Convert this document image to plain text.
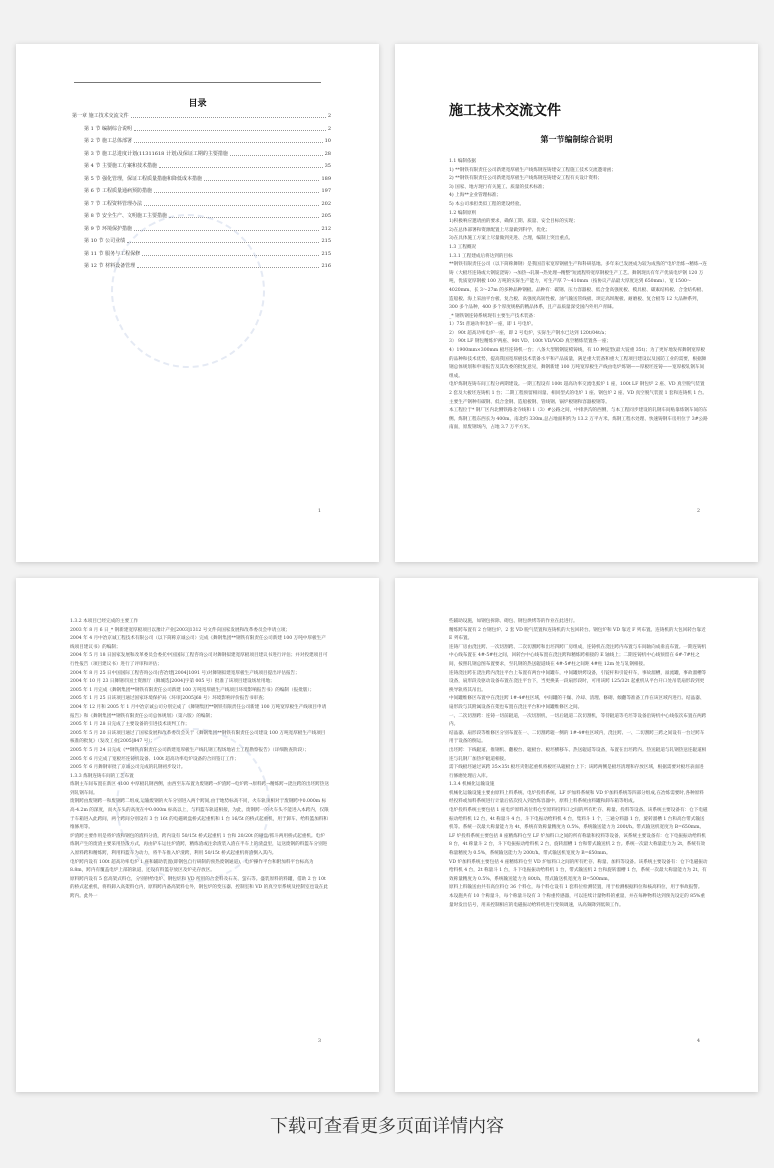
目录
第一章 施工技术交流文件	2
第 1 节 编制综合说明	2
第 2 节 施工总体部署	10
第 3 节 施工总进度计划(11311618 计划)及保证工期的主要措施	28
第 4 节 主要施工方案和技术措施	35
第 5 节 强化管理，保证工程质量措施和降低成本措施	189
第 6 节 工程质量通病预防措施	197
第 7 节 工程资料管理办法	202
第 8 节 安全生产、文明施工主要措施	205
第 9 节 环境保护措施	212
第 10 节 公司业绩	215
第 11 节 服务与工程保修	215
第 12 节 材料设备管理	216
1
施工技术交流文件
第一节编制综合说明

1.1 编制依据

1) **钢铁有限责任公司新建宽厚板生产线炼钢连铸建安工程施工技术交流邀请函；

2) **钢铁有限责任公司新建宽厚板生产线炼钢连铸建安工程有关设计资料；

3) 国家、地方现行有关施工、质量的技术标准；

4) 上海**企业管理标准；

5) 本公司承担类似工程的建设经验。

1.2 编制原则

1)积极响应邀请函的要求，确保工期、质量、安全目标的实现；

2)在总体部署和资源配置上尽量做到科学、优化；

3)在具体施工方案上尽量做到先进、合理，编制上突出重点。

1.3 工程概况

1.3.1 工程建成后将达到的目标

**钢铁有限责任公司（以下简称舞钢）是我国首家宽厚钢板生产和科研基地。多年来已发展成为较为成熟的"电炉治炼→精炼→连铸（大板坯连铸或大钢锭浇铸）→加热→轧制→热处理→精整"短流程特宽厚钢板生产工艺。舞钢现具有年产优质电炉钢 120 万吨，优质宽厚钢板 100 万吨的实际生产能力，可生产厚 7～410mm（按协议产品最大厚度达到 650mm）、宽 1500～4020mm、长 3～27m 的多种品种钢板。品种有：碳钢、压力容器板、低合金高强度板、模具板、碳素结构板、合金结构板、造船板、海上采油平台板、复合板、高强度高韧性板、油气输送管线板、坝定高坝舰板、耐磨板、复合板等 12 大品种系列，300 多个品种，400 多个厚度规格的精品体系，且产品质量深受国内外用户青睐。

_* 钢铁钢连铸系统现有主要生产技术装备：

1）75t 普通功率电炉一座，即 1 号电炉。

2） 90t 超高功率电炉一座，即 2 号电炉，实际生产钢水已达到 120t/04t/a；

3） 90t LF 钢包精炼炉两座、90t VD、100t VD/VOD 真空精炼装置各一座；

4）1900mm×300mm 板坯连铸机一台；八条大型锻钢锭模铸线，有 10 种锭型(最大锭重 35t)；为了更好地发挥舞钢宽厚板的品种和技术优势，提高我国宽厚板技术装备水平和产品质量，满足重大装备和重大工程项目建设以及国防工业的需要，根据舞钢总体规划和申请报告及其改委的批复意见，舞钢新建 100 万吨宽厚板生产线由电炉炼钢——厚板坯连铸——宽厚板轧钢车间组成。

电炉炼钢连铸车间工程分两期建设。一期工程设有 100t 超高功率交流电弧炉 1 座，100t LF 钢包炉 2 座、VD 真空脱气装置 2 套及大板坯连铸机 1 台；二期工程预留相同量、相同型式的电炉 1 座、钢包炉 2 座、VD 真空脱气装置 1 套和连铸机 1 台。

主要生产钢种有碳钢、低合金钢、造船板钢、管线钢、锅炉板钢和容器板钢等。

本工程位于* 钢厂区内北侧铁路北寺线和 1（3）#公路之间，中排洪沟的西侧，与本工程同步建设的轧钢车间贴靠炼钢车间的东侧。炼钢工程东西长为 400m，南北约 330m,总占地面积约为 13.2 万平方米。炼钢工程水处理、快速铸钢车房用位于 3#公路南面，原废钢场内，占地 3.7 万平方米。

2

1.3.2 本项目已经完成的主要工作

2003 年 8 月 6 日_* 钢新建宽厚板项目以豫计产业[2003]1312 号文件向国家发展和改革委员会申请立项；

2004 年 4 月中冶京诚工程技术有限公司（以下简称京诚公司）完成《舞钢集团**钢铁有限责任公司新建 100 万吨中厚板生产线项目建议书》的编制；

2004 年 5 月 18 日国家发展和改革委员会委托中国国际工程咨询公司对舞钢拟建宽厚板项目建议书进行评估；并对投建项目可行性报告（项目建议书）进行了评审和评估；

2004 年 8 月 25 日中国国际工程咨询公司(咨冶建[2004]1091 号)对舞钢拟建宽厚板生产线项目提出评估报告；

2004 年 10 月 23 日舞钢市国土资源厅（舞城选[2004]字第 005 号）批准了该项目建设场址用地；

2005 年 1 月完成《舞钢集团**钢铁有限责任公司新建 100 万吨宽厚板生产线项目环境影响报告书》的编制（报批版）；

2005 年 1 月 25 日该项目通过国家环境保护局（环审[2005]68 号）环境影响评价报告书审查；

2004 年 12 月和 2005 年 1 月中冶京诚公司分别完成了《舞钢集团**钢铁有限责任公司新建 100 万吨宽厚板生产线项目申请报告》和《舞钢集团**钢铁有限责任公司总体规划》（第六版）的编制；

2005 年 1 月 28 日完成了主要设备的引进技术谈判工作；

2005 年 5 月 20 日该项目通过了国家发展和改革委员会关于《舞钢集团**钢铁有限责任公司建设 100 万吨宽厚板生产线项目核准的批复》（发改工业[2005]847 号）；

2005 年 5 月 24 日完成《**钢铁有限责任公司新建宽厚板生产线轧钢工程场地岩土工程勘察报告》（详细勘查阶段）；

2005 年 6 月完成了宽板坯连铸机设备、100t 超高功率电炉设备的合同签订工作；

2005 年 6 月舞钢审批了京诚公司完成的轧钢初步设计。

1.3.3 炼钢连铸车间的工艺布置

炼钢主车间布置在新区 4100 中厚板轧钢西侧，由西至东布置为废钢跨→炉渣跨→电炉跨→原料跨→精炼跨→浇注跨的出坯跨热送到轧钢车间。

废钢跨由废钢跨一和废钢跨二组成,运输废钢的火车分别进入两个跨间,由于地势标高不同，火车轨顶相对于废钢跨中0.000m 标高-4.2m 的深度，而火车头的高度在中0.000m 标高以上，与料篮车轨道相接，为此，废钢跨一的火车头不能进入本跨内，仅限于车箱进入此跨间，两个跨间分别设有 3 台 16t 的电磁吸盘桥式起重机和 1 台 16/5t 的桥式起重机，用于卸车、给料篮加料和维修用等。

炉渣跨主要作用是将炉渣和钢包的渣料分渣，跨内设有 50/15t 桥式起重机 1 台和 20/20t 的碰盘/抓斗两用桥式起重机。电炉炼钢产生的废渣主要采用热泼方式，再由铲车运往炉渣跨，精炼渣或注余渣装入渣在半车上的渣盘里，运送废钢的料篮车分别进入原料跨和精炼跨，利用料篮车为动力，将半车推入炉渣跨，利用 50/15t 桥式起重机将渣倒入其内。

电炉跨内设有 100t 超高功率电炉 1 座和辅助装置(即钢包自行研制的预热废钢通道)，电炉操作平台和附加料平台标高为 8.8m，跨内有覆盖电炉上部的轨道，还设有料篮存放区及炉壳存放区。

原料跨内设有 5 套高架式料仓，分别供给电炉、钢包炉和 VD 所用的合金料及石灰、萤石等。盛装原料的料罐，借助 2 台 10t 的桥式起重机，将料卸入高架料仓内，原料跨内备高架料仓外，钢包炉的变压器、控制室和 VD 的真空泵系统及控制室也设在此跨内。此外一

3

些辅助设施，如钢包拆除、砌包、钢包烘烤等的作业在此进行。

精炼跨布置有 2 台钢包炉、2 套 VD 脱气装置和连铸机的大包回转台。钢包炉和 VD 靠近 F 列布置。连铸机的大包回转台靠近 E 列布置。

连铸厂房由浇注跨、一次切割跨、二次切割跨和出坯四跨厂房组成，连铸机在浇注跨内布置与车间轴向成垂直布置。一期连铸机中心线布置在 4#-5#柱之间，回转台中心线布置在浇注跨和精炼跨相接的 E 轴线上；二期连铸机中心线预留在 6#-7#柱之间，按照轧钢总图布置要求，至轧钢的热送辊道线在 4#-5#柱之间距 4#柱 12m 处与轧钢相接。

连铸浇注跨在浇注跨内浇注平台上布置有两台中间罐车，中间罐烘烤设备，引锭杆和引锭杆车，事故溜槽，溢流罐，事故溜槽等设备，扇形段及驱动设备布置在浇注平台下，当更换某一段扇形段时，可用该跨 125/32t 起重机从平台开口处吊装扇形段到更换导轨将其吊出。

中间罐维修区布置中在浇注跨 1#-4#柱区域，中间罐的干燥、冷却、清理、修砌、倾翻等准备工作在该区域内进行。结晶器、扇形段与其附属设备在架也布置在浇注平台和中间罐维修区之间。

一、二次切割跨：连铸一切前辊道，一次切割机，一切后辊道二次切割机，等待辊道等毛坯等设备沿铸机中心线依次布置在两跨内。

结晶器、扇形段等维修区分别布置在一、二切割跨辊一侧的 1#-4#柱区域内，浇注跨、一、二切割跨三跨之间设有一台过跨车用于设备的倒运。

出坯跨：下线辊道、推钢机、翻板台、辊板台、板坯横移车、热送辊道等设备，布置在出坯跨内。热送辊道与轧钢热送连辊道相连与轧钢厂加热炉辊道相接。

需下线板坯通过该跨 35×35t 板坯夹钳起重机将板坯从辊板台上下；该跨两侧是板坯清理和存放区域，根据需要对板坯表面进行修磨处理后入库。

1.3.4 机械化运输设施

机械化运输设施主要由原料上料系统、电炉投料系统、LF 炉加料系统和 VD 炉加料系统等四部分组成,在冶炼需要时,各种原料经投料或加料系统进行计量后依次投入到冶炼容器中。原料上料系统由料罐和卸车箱等组成。

电炉投料系统主要包括 1 座电炉原料高位料仓至原料投料口之间的所有贮存、称量、投料等设备。该系统主要设备有：仓下电磁振动给料机 12 台，4t 称量斗 4 台，斗下电振动给料机 4 台，集料斗 1 个，三通分料器 1 台，旋转溜槽 1 台和高台带式输送机等。系统一次最大称量能力为 4t，系统有效称量精度为 0.5%，系统输送能力为 200t/h。带式输送机宽度为 B=650mm。

LF 炉投料系统主要包括 8 座精炼料仓至 LF 炉加料口之间的所有称量和投料等设备，该系统主要设备有：仓下电振振动给料机 8 台，4t 称量斗 2 台，斗下电振振动给料机 2 台，旋转溜槽 1 台和带式输送机 2 台。系统一次最大称量能力为 2t，系统有效称量精度为 0.5%，系统输送能力为 200t/h。带式输送机宽度为 B=650mm。

VD 炉加料系统主要包括 4 座精炼料仓至 VD 炉加料口之间的所有贮存、称量、加料等设备。该系统主要设备有：仓下电磁振动给料机 4 台，2t 称量斗 1 台，斗下电振振动给料机 1 台，带式输送机 2 台和旋转溜槽 1 台，系统一次最大称量能力为 2t，有效称量精度为 0.5%，系统输送能力为 80t/h，带式输送机宽度为 B=500mm。

原料上料输送由共有高位料仓 36 个料仓，每个料仓设有 1 套料位检测装置，用于检测根据料位和核高料位，用于事故报警。

本设施共有 10 个称量斗，每个称量斗设有 3 个称重传感器，可以连续计量物料的重量，并在每种物料达到预先设定的 85%重量时发出信号，用来控制相应的电磁振动给料机进行变频调速，从高频降到低频工作。

4
下载可查看更多页面详情内容
